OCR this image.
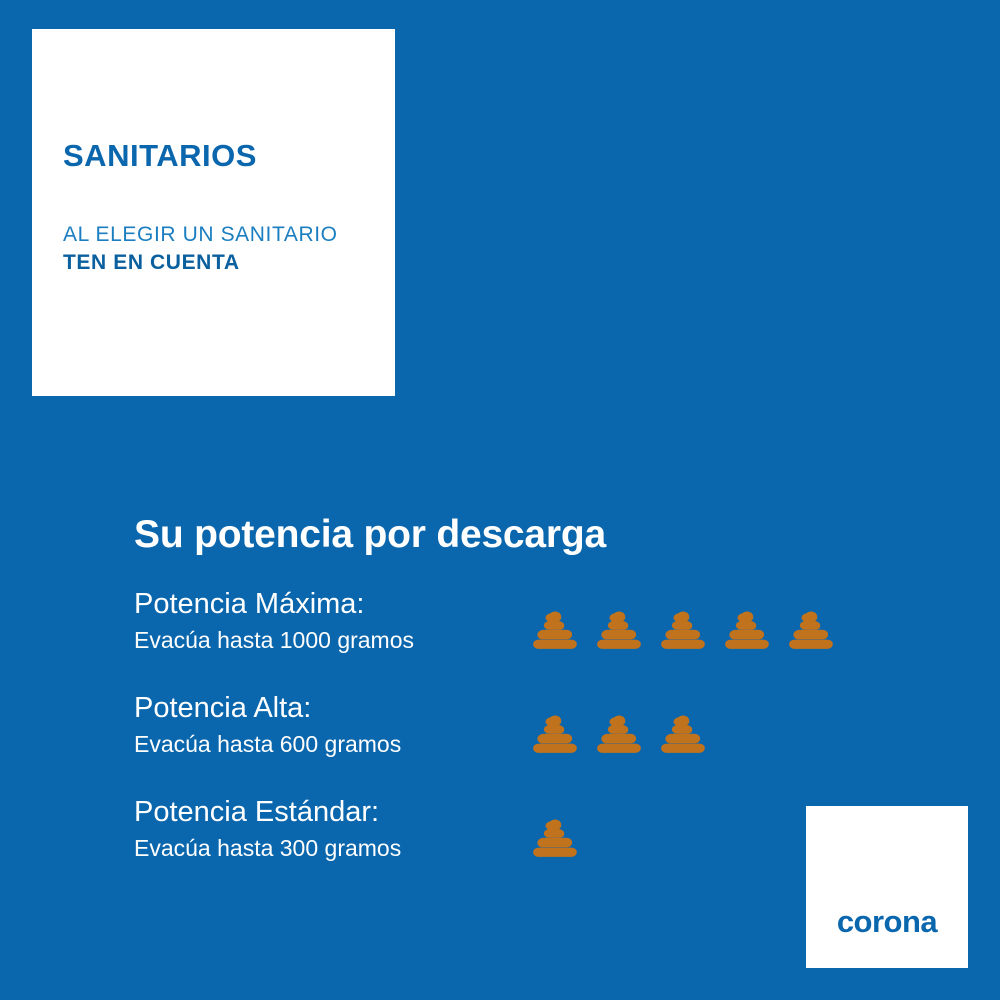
SANITARIOS
AL ELEGIR UN SANITARIO
TEN EN CUENTA
Su potencia por descarga
Potencia Máxima:
Evacúa hasta 1000 gramos
Potencia Alta:
Evacúa hasta 600 gramos
Potencia Estándar:
Evacúa hasta 300 gramos
corona
